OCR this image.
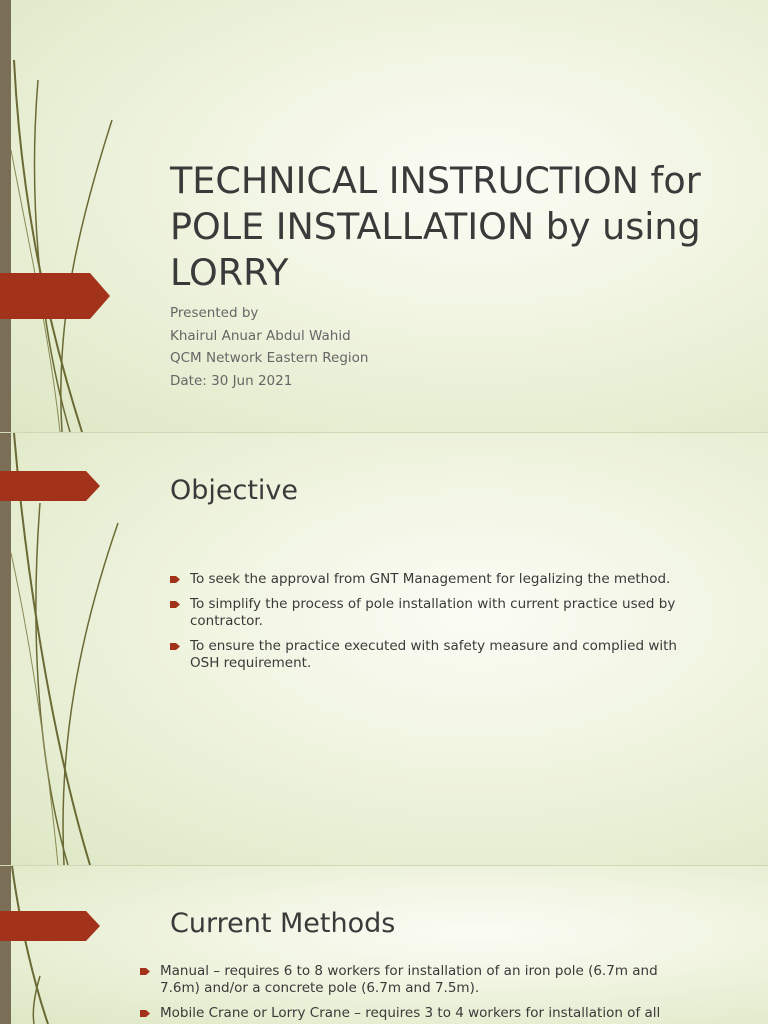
TECHNICAL INSTRUCTION for
POLE INSTALLATION by using
LORRY
Presented by
Khairul Anuar Abdul Wahid
QCM Network Eastern Region
Date: 30 Jun 2021
Objective
To seek the approval from GNT Management for legalizing the method.
To simplify the process of pole installation with current practice used by contractor.
To ensure the practice executed with safety measure and complied with OSH requirement.
Current Methods
Manual – requires 6 to 8 workers for installation of an iron pole (6.7m and 7.6m) and/or a concrete pole (6.7m and 7.5m).
Mobile Crane or Lorry Crane – requires 3 to 4 workers for installation of all
